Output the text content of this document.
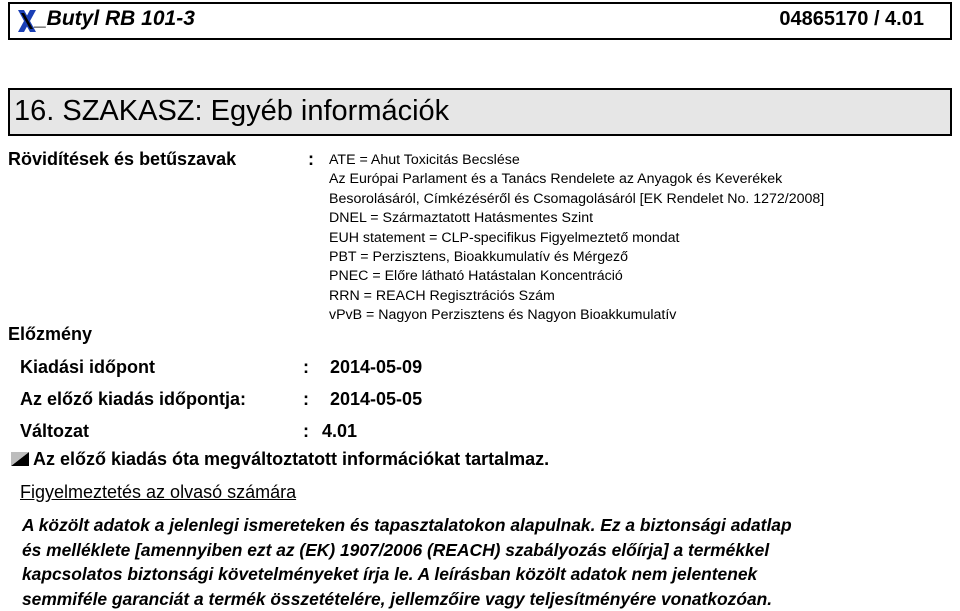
_Butyl RB 101-3	04865170 / 4.01
16. SZAKASZ: Egyéb információk
Rövidítések és betűszavak	: ATE = Ahut Toxicitás Becslése
Az Európai Parlament és a Tanács Rendelete az Anyagok és Keverékek
Besorolásáról, Címkézéséről és Csomagolásáról [EK Rendelet No. 1272/2008]
DNEL = Származtatott Hatásmentes Szint
EUH statement = CLP-specifikus Figyelmeztető mondat
PBT = Perzisztens, Bioakkumulatív és Mérgező
PNEC = Előre látható Hatástalan Koncentráció
RRN = REACH Regisztrációs Szám
vPvB = Nagyon Perzisztens és Nagyon Bioakkumulatív
Előzmény
Kiadási időpont	: 2014-05-09
Az előző kiadás időpontja:	: 2014-05-05
Változat	: 4.01
Az előző kiadás óta megváltoztatott információkat tartalmaz.
Figyelmeztetés az olvasó számára
A közölt adatok a jelenlegi ismereteken és tapasztalatokon alapulnak. Ez a biztonsági adatlap
és melléklete [amennyiben ezt az (EK) 1907/2006 (REACH) szabályozás előírja] a termékkel
kapcsolatos biztonsági követelményeket írja le. A leírásban közölt adatok nem jelentenek
semmiféle garanciát a termék összetételére, jellemzőire vagy teljesítményére vonatkozóan.
